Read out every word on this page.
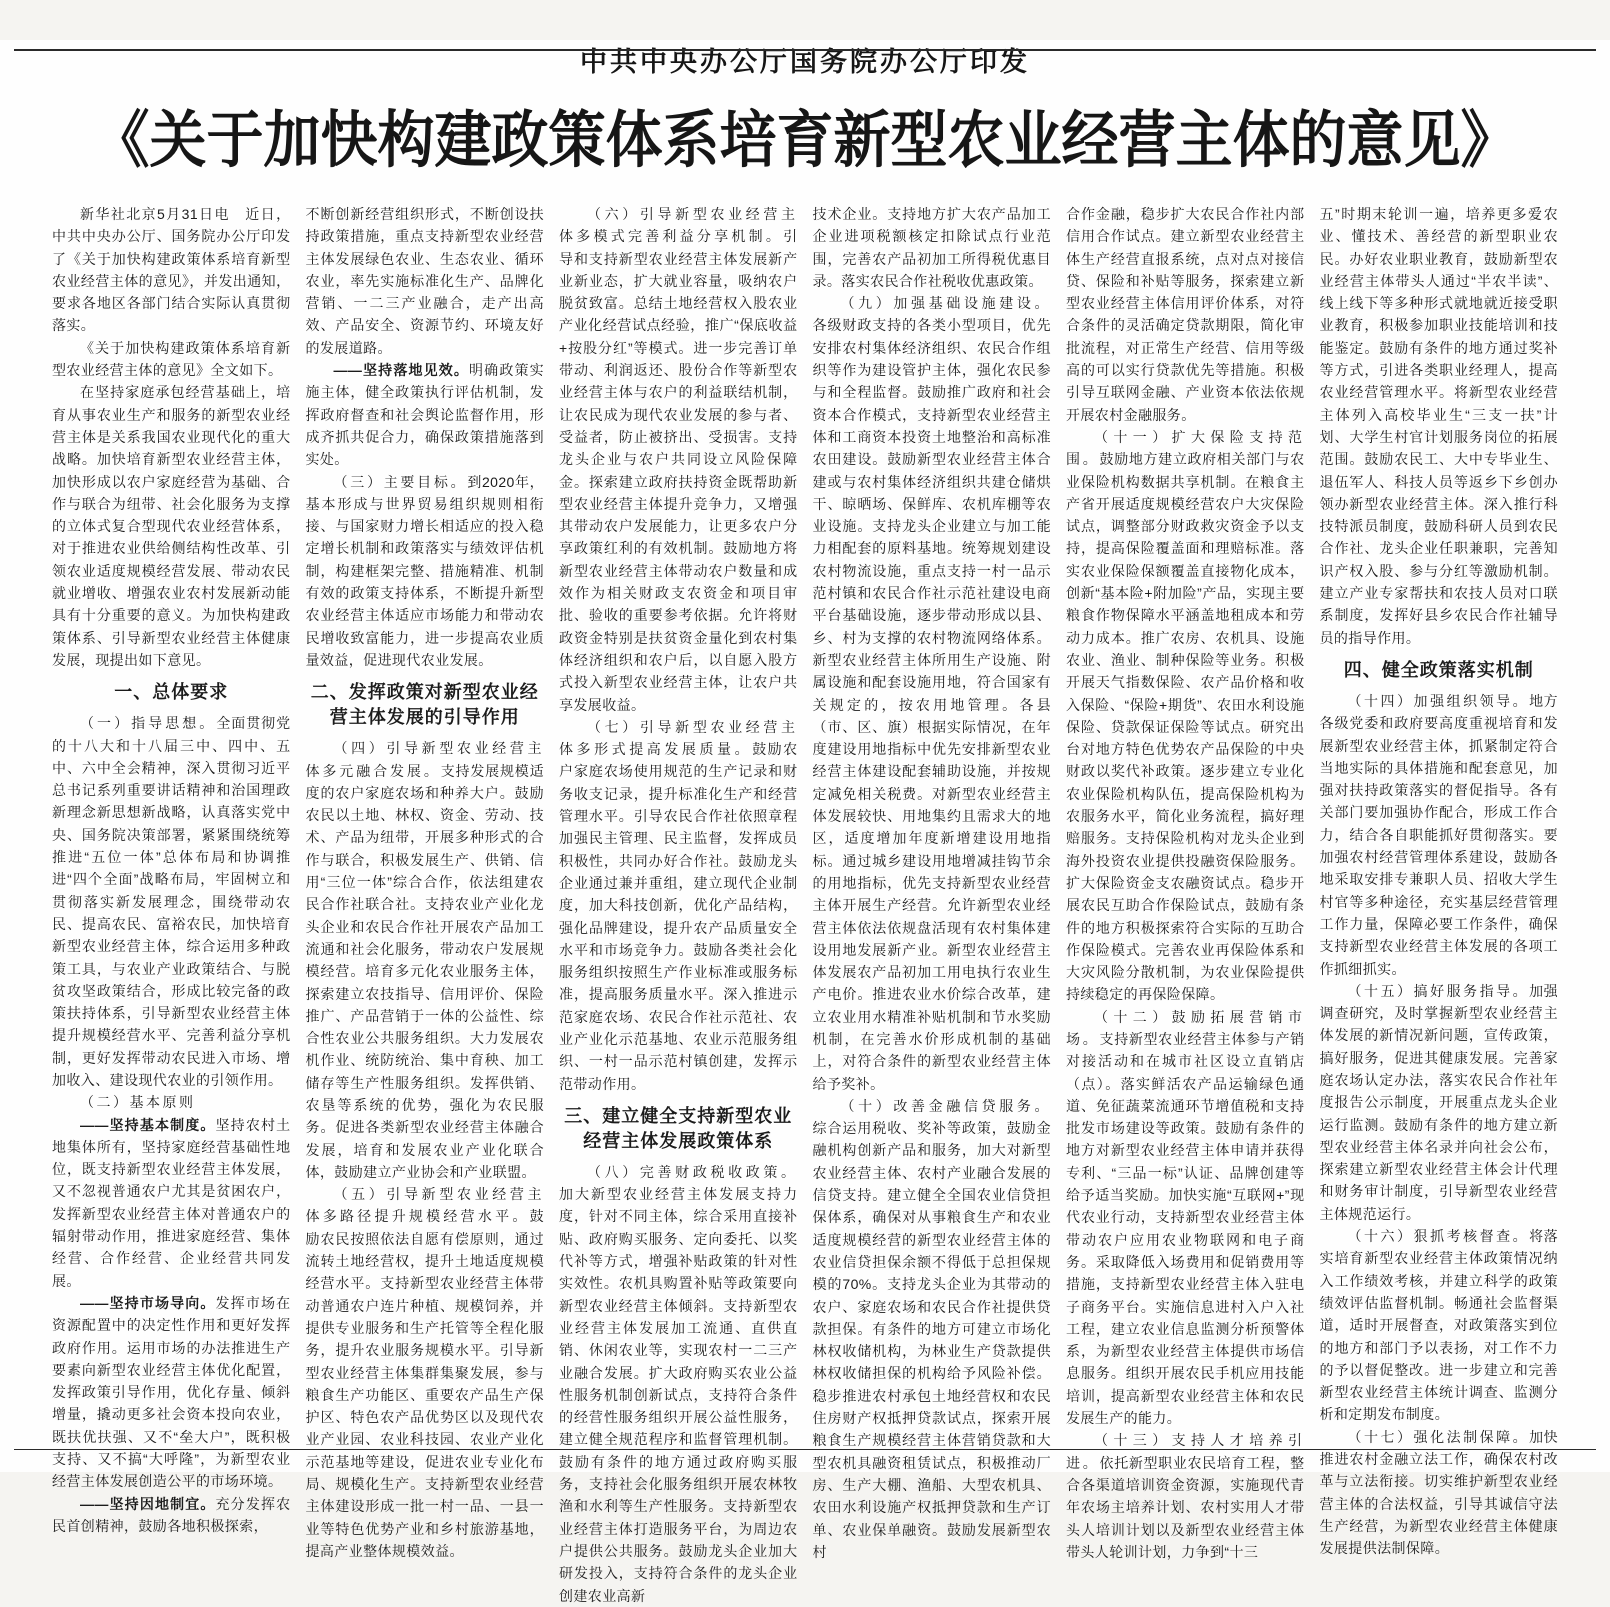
中共中央办公厅国务院办公厅印发
《关于加快构建政策体系培育新型农业经营主体的意见》

新华社北京5月31日电　近日，中共中央办公厅、国务院办公厅印发了《关于加快构建政策体系培育新型农业经营主体的意见》，并发出通知，要求各地区各部门结合实际认真贯彻落实。

《关于加快构建政策体系培育新型农业经营主体的意见》全文如下。

在坚持家庭承包经营基础上，培育从事农业生产和服务的新型农业经营主体是关系我国农业现代化的重大战略。加快培育新型农业经营主体，加快形成以农户家庭经营为基础、合作与联合为纽带、社会化服务为支撑的立体式复合型现代农业经营体系，对于推进农业供给侧结构性改革、引领农业适度规模经营发展、带动农民就业增收、增强农业农村发展新动能具有十分重要的意义。为加快构建政策体系、引导新型农业经营主体健康发展，现提出如下意见。

一、总体要求

（一）指导思想。全面贯彻党的十八大和十八届三中、四中、五中、六中全会精神，深入贯彻习近平总书记系列重要讲话精神和治国理政新理念新思想新战略，认真落实党中央、国务院决策部署，紧紧围绕统筹推进“五位一体”总体布局和协调推进“四个全面”战略布局，牢固树立和贯彻落实新发展理念，围绕带动农民、提高农民、富裕农民，加快培育新型农业经营主体，综合运用多种政策工具，与农业产业政策结合、与脱贫攻坚政策结合，形成比较完备的政策扶持体系，引导新型农业经营主体提升规模经营水平、完善利益分享机制，更好发挥带动农民进入市场、增加收入、建设现代农业的引领作用。

（二）基本原则

——坚持基本制度。坚持农村土地集体所有，坚持家庭经营基础性地位，既支持新型农业经营主体发展，又不忽视普通农户尤其是贫困农户，发挥新型农业经营主体对普通农户的辐射带动作用，推进家庭经营、集体经营、合作经营、企业经营共同发展。

——坚持市场导向。发挥市场在资源配置中的决定性作用和更好发挥政府作用。运用市场的办法推进生产要素向新型农业经营主体优化配置，发挥政策引导作用，优化存量、倾斜增量，撬动更多社会资本投向农业，既扶优扶强、又不“垒大户”，既积极支持、又不搞“大呼隆”，为新型农业经营主体发展创造公平的市场环境。

——坚持因地制宜。充分发挥农民首创精神，鼓励各地积极探索，

不断创新经营组织形式，不断创设扶持政策措施，重点支持新型农业经营主体发展绿色农业、生态农业、循环农业，率先实施标准化生产、品牌化营销、一二三产业融合，走产出高效、产品安全、资源节约、环境友好的发展道路。

——坚持落地见效。明确政策实施主体，健全政策执行评估机制，发挥政府督查和社会舆论监督作用，形成齐抓共促合力，确保政策措施落到实处。

（三）主要目标。到2020年，基本形成与世界贸易组织规则相衔接、与国家财力增长相适应的投入稳定增长机制和政策落实与绩效评估机制，构建框架完整、措施精准、机制有效的政策支持体系，不断提升新型农业经营主体适应市场能力和带动农民增收致富能力，进一步提高农业质量效益，促进现代农业发展。

二、发挥政策对新型农业经营主体发展的引导作用

（四）引导新型农业经营主体多元融合发展。支持发展规模适度的农户家庭农场和种养大户。鼓励农民以土地、林权、资金、劳动、技术、产品为纽带，开展多种形式的合作与联合，积极发展生产、供销、信用“三位一体”综合合作，依法组建农民合作社联合社。支持农业产业化龙头企业和农民合作社开展农产品加工流通和社会化服务，带动农户发展规模经营。培育多元化农业服务主体，探索建立农技指导、信用评价、保险推广、产品营销于一体的公益性、综合性农业公共服务组织。大力发展农机作业、统防统治、集中育秧、加工储存等生产性服务组织。发挥供销、农垦等系统的优势，强化为农民服务。促进各类新型农业经营主体融合发展，培育和发展农业产业化联合体，鼓励建立产业协会和产业联盟。

（五）引导新型农业经营主体多路径提升规模经营水平。鼓励农民按照依法自愿有偿原则，通过流转土地经营权，提升土地适度规模经营水平。支持新型农业经营主体带动普通农户连片种植、规模饲养，并提供专业服务和生产托管等全程化服务，提升农业服务规模水平。引导新型农业经营主体集群集聚发展，参与粮食生产功能区、重要农产品生产保护区、特色农产品优势区以及现代农业产业园、农业科技园、农业产业化示范基地等建设，促进农业专业化布局、规模化生产。支持新型农业经营主体建设形成一批一村一品、一县一业等特色优势产业和乡村旅游基地，提高产业整体规模效益。

（六）引导新型农业经营主体多模式完善利益分享机制。引导和支持新型农业经营主体发展新产业新业态，扩大就业容量，吸纳农户脱贫致富。总结土地经营权入股农业产业化经营试点经验，推广“保底收益+按股分红”等模式。进一步完善订单带动、利润返还、股份合作等新型农业经营主体与农户的利益联结机制，让农民成为现代农业发展的参与者、受益者，防止被挤出、受损害。支持龙头企业与农户共同设立风险保障金。探索建立政府扶持资金既帮助新型农业经营主体提升竞争力，又增强其带动农户发展能力，让更多农户分享政策红利的有效机制。鼓励地方将新型农业经营主体带动农户数量和成效作为相关财政支农资金和项目审批、验收的重要参考依据。允许将财政资金特别是扶贫资金量化到农村集体经济组织和农户后，以自愿入股方式投入新型农业经营主体，让农户共享发展收益。

（七）引导新型农业经营主体多形式提高发展质量。鼓励农户家庭农场使用规范的生产记录和财务收支记录，提升标准化生产和经营管理水平。引导农民合作社依照章程加强民主管理、民主监督，发挥成员积极性，共同办好合作社。鼓励龙头企业通过兼并重组，建立现代企业制度，加大科技创新，优化产品结构，强化品牌建设，提升农产品质量安全水平和市场竞争力。鼓励各类社会化服务组织按照生产作业标准或服务标准，提高服务质量水平。深入推进示范家庭农场、农民合作社示范社、农业产业化示范基地、农业示范服务组织、一村一品示范村镇创建，发挥示范带动作用。

三、建立健全支持新型农业经营主体发展政策体系

（八）完善财政税收政策。加大新型农业经营主体发展支持力度，针对不同主体，综合采用直接补贴、政府购买服务、定向委托、以奖代补等方式，增强补贴政策的针对性实效性。农机具购置补贴等政策要向新型农业经营主体倾斜。支持新型农业经营主体发展加工流通、直供直销、休闲农业等，实现农村一二三产业融合发展。扩大政府购买农业公益性服务机制创新试点，支持符合条件的经营性服务组织开展公益性服务，建立健全规范程序和监督管理机制。鼓励有条件的地方通过政府购买服务，支持社会化服务组织开展农林牧渔和水利等生产性服务。支持新型农业经营主体打造服务平台，为周边农户提供公共服务。鼓励龙头企业加大研发投入，支持符合条件的龙头企业创建农业高新

技术企业。支持地方扩大农产品加工企业进项税额核定扣除试点行业范围，完善农产品初加工所得税优惠目录。落实农民合作社税收优惠政策。

（九）加强基础设施建设。各级财政支持的各类小型项目，优先安排农村集体经济组织、农民合作组织等作为建设管护主体，强化农民参与和全程监督。鼓励推广政府和社会资本合作模式，支持新型农业经营主体和工商资本投资土地整治和高标准农田建设。鼓励新型农业经营主体合建或与农村集体经济组织共建仓储烘干、晾晒场、保鲜库、农机库棚等农业设施。支持龙头企业建立与加工能力相配套的原料基地。统筹规划建设农村物流设施，重点支持一村一品示范村镇和农民合作社示范社建设电商平台基础设施，逐步带动形成以县、乡、村为支撑的农村物流网络体系。新型农业经营主体所用生产设施、附属设施和配套设施用地，符合国家有关规定的，按农用地管理。各县（市、区、旗）根据实际情况，在年度建设用地指标中优先安排新型农业经营主体建设配套辅助设施，并按规定减免相关税费。对新型农业经营主体发展较快、用地集约且需求大的地区，适度增加年度新增建设用地指标。通过城乡建设用地增减挂钩节余的用地指标，优先支持新型农业经营主体开展生产经营。允许新型农业经营主体依法依规盘活现有农村集体建设用地发展新产业。新型农业经营主体发展农产品初加工用电执行农业生产电价。推进农业水价综合改革，建立农业用水精准补贴机制和节水奖励机制，在完善水价形成机制的基础上，对符合条件的新型农业经营主体给予奖补。

（十）改善金融信贷服务。综合运用税收、奖补等政策，鼓励金融机构创新产品和服务，加大对新型农业经营主体、农村产业融合发展的信贷支持。建立健全全国农业信贷担保体系，确保对从事粮食生产和农业适度规模经营的新型农业经营主体的农业信贷担保余额不得低于总担保规模的70%。支持龙头企业为其带动的农户、家庭农场和农民合作社提供贷款担保。有条件的地方可建立市场化林权收储机构，为林业生产贷款提供林权收储担保的机构给予风险补偿。稳步推进农村承包土地经营权和农民住房财产权抵押贷款试点，探索开展粮食生产规模经营主体营销贷款和大型农机具融资租赁试点，积极推动厂房、生产大棚、渔船、大型农机具、农田水利设施产权抵押贷款和生产订单、农业保单融资。鼓励发展新型农村

合作金融，稳步扩大农民合作社内部信用合作试点。建立新型农业经营主体生产经营直报系统，点对点对接信贷、保险和补贴等服务，探索建立新型农业经营主体信用评价体系，对符合条件的灵活确定贷款期限，简化审批流程，对正常生产经营、信用等级高的可以实行贷款优先等措施。积极引导互联网金融、产业资本依法依规开展农村金融服务。

（十一）扩大保险支持范围。鼓励地方建立政府相关部门与农业保险机构数据共享机制。在粮食主产省开展适度规模经营农户大灾保险试点，调整部分财政救灾资金予以支持，提高保险覆盖面和理赔标准。落实农业保险保额覆盖直接物化成本，创新“基本险+附加险”产品，实现主要粮食作物保障水平涵盖地租成本和劳动力成本。推广农房、农机具、设施农业、渔业、制种保险等业务。积极开展天气指数保险、农产品价格和收入保险、“保险+期货”、农田水利设施保险、贷款保证保险等试点。研究出台对地方特色优势农产品保险的中央财政以奖代补政策。逐步建立专业化农业保险机构队伍，提高保险机构为农服务水平，简化业务流程，搞好理赔服务。支持保险机构对龙头企业到海外投资农业提供投融资保险服务。扩大保险资金支农融资试点。稳步开展农民互助合作保险试点，鼓励有条件的地方积极探索符合实际的互助合作保险模式。完善农业再保险体系和大灾风险分散机制，为农业保险提供持续稳定的再保险保障。

（十二）鼓励拓展营销市场。支持新型农业经营主体参与产销对接活动和在城市社区设立直销店（点）。落实鲜活农产品运输绿色通道、免征蔬菜流通环节增值税和支持批发市场建设等政策。鼓励有条件的地方对新型农业经营主体申请并获得专利、“三品一标”认证、品牌创建等给予适当奖励。加快实施“互联网+”现代农业行动，支持新型农业经营主体带动农户应用农业物联网和电子商务。采取降低入场费用和促销费用等措施，支持新型农业经营主体入驻电子商务平台。实施信息进村入户入社工程，建立农业信息监测分析预警体系，为新型农业经营主体提供市场信息服务。组织开展农民手机应用技能培训，提高新型农业经营主体和农民发展生产的能力。

（十三）支持人才培养引进。依托新型职业农民培育工程，整合各渠道培训资金资源，实施现代青年农场主培养计划、农村实用人才带头人培训计划以及新型农业经营主体带头人轮训计划，力争到“十三

五”时期末轮训一遍，培养更多爱农业、懂技术、善经营的新型职业农民。办好农业职业教育，鼓励新型农业经营主体带头人通过“半农半读”、线上线下等多种形式就地就近接受职业教育，积极参加职业技能培训和技能鉴定。鼓励有条件的地方通过奖补等方式，引进各类职业经理人，提高农业经营管理水平。将新型农业经营主体列入高校毕业生“三支一扶”计划、大学生村官计划服务岗位的拓展范围。鼓励农民工、大中专毕业生、退伍军人、科技人员等返乡下乡创办领办新型农业经营主体。深入推行科技特派员制度，鼓励科研人员到农民合作社、龙头企业任职兼职，完善知识产权入股、参与分红等激励机制。建立产业专家帮扶和农技人员对口联系制度，发挥好县乡农民合作社辅导员的指导作用。

四、健全政策落实机制

（十四）加强组织领导。地方各级党委和政府要高度重视培育和发展新型农业经营主体，抓紧制定符合当地实际的具体措施和配套意见，加强对扶持政策落实的督促指导。各有关部门要加强协作配合，形成工作合力，结合各自职能抓好贯彻落实。要加强农村经营管理体系建设，鼓励各地采取安排专兼职人员、招收大学生村官等多种途径，充实基层经营管理工作力量，保障必要工作条件，确保支持新型农业经营主体发展的各项工作抓细抓实。

（十五）搞好服务指导。加强调查研究，及时掌握新型农业经营主体发展的新情况新问题，宣传政策，搞好服务，促进其健康发展。完善家庭农场认定办法，落实农民合作社年度报告公示制度，开展重点龙头企业运行监测。鼓励有条件的地方建立新型农业经营主体名录并向社会公布，探索建立新型农业经营主体会计代理和财务审计制度，引导新型农业经营主体规范运行。

（十六）狠抓考核督查。将落实培育新型农业经营主体政策情况纳入工作绩效考核，并建立科学的政策绩效评估监督机制。畅通社会监督渠道，适时开展督查，对政策落实到位的地方和部门予以表扬，对工作不力的予以督促整改。进一步建立和完善新型农业经营主体统计调查、监测分析和定期发布制度。

（十七）强化法制保障。加快推进农村金融立法工作，确保农村改革与立法衔接。切实维护新型农业经营主体的合法权益，引导其诚信守法生产经营，为新型农业经营主体健康发展提供法制保障。
